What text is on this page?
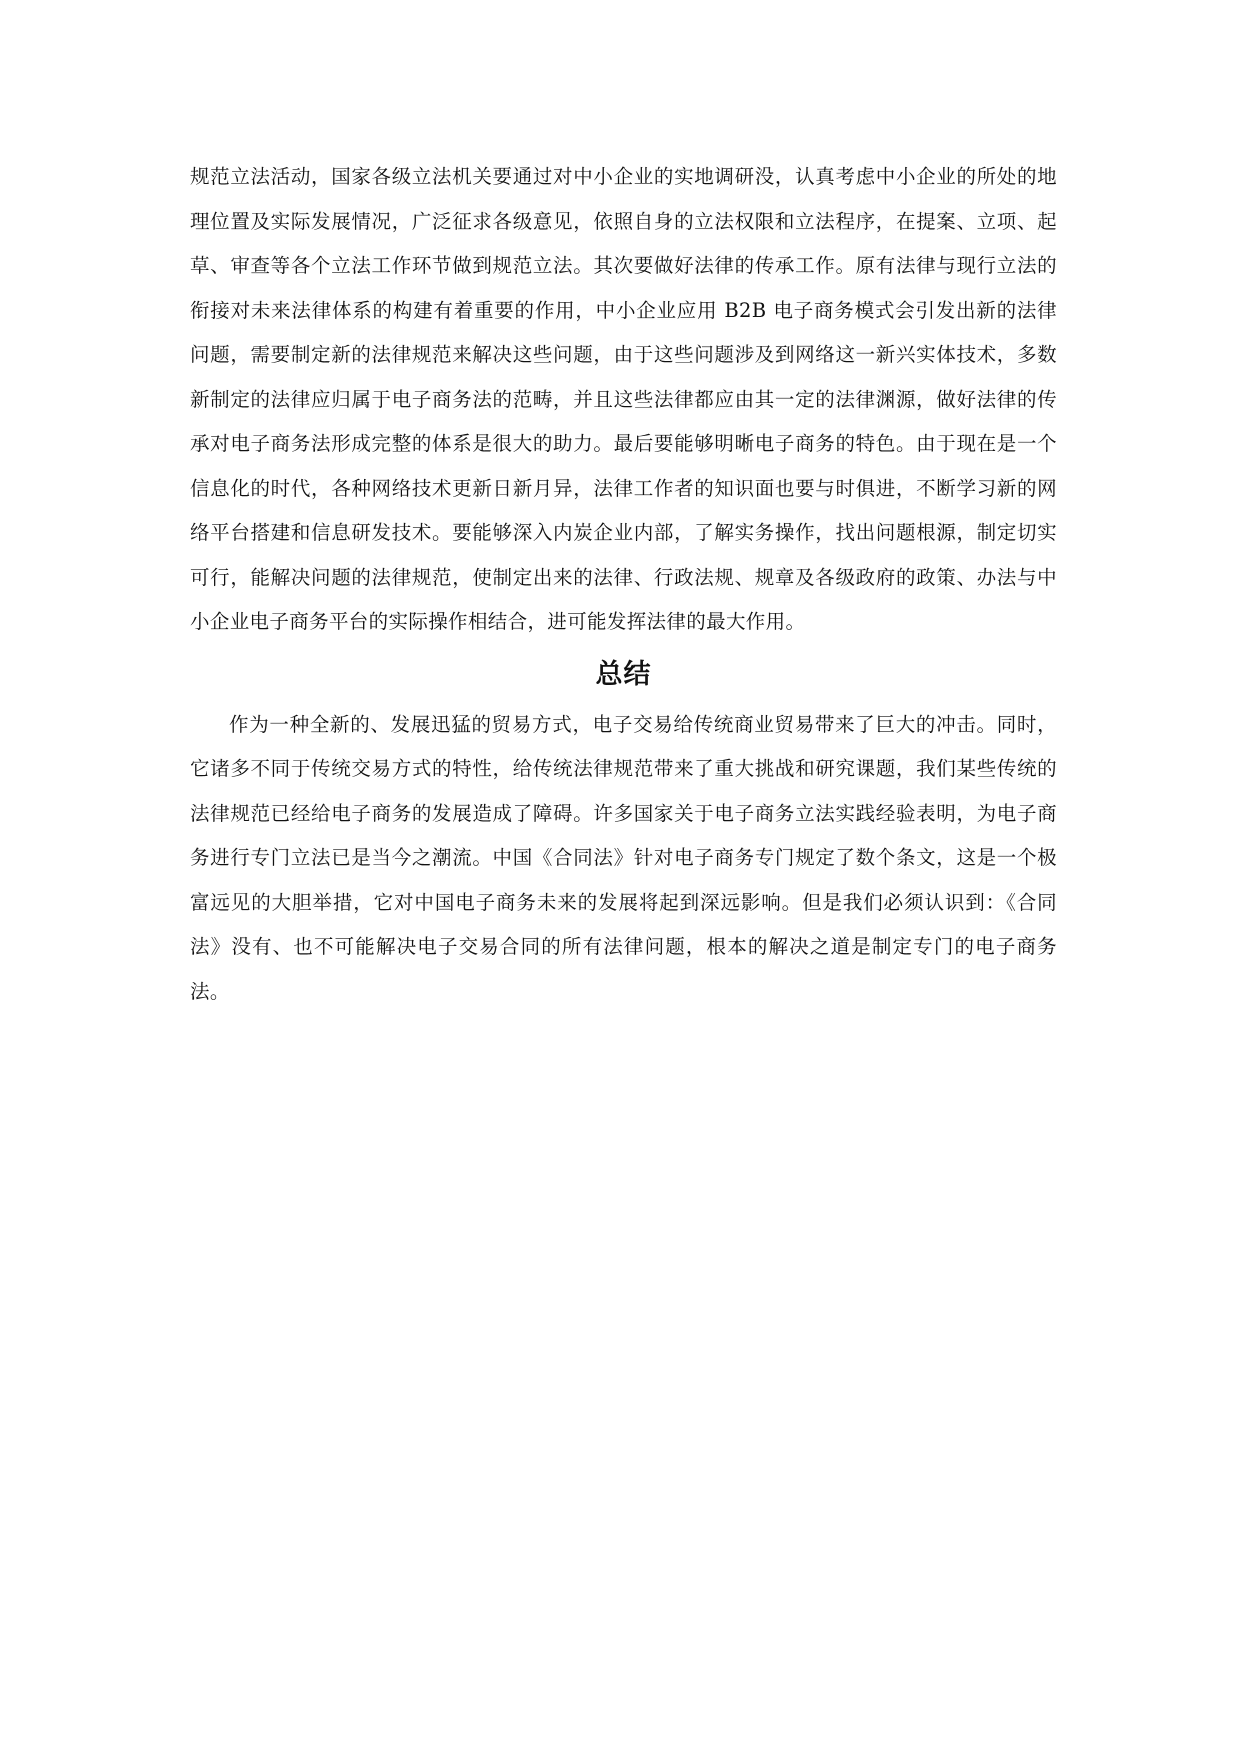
规范立法活动，国家各级立法机关要通过对中小企业的实地调研没，认真考虑中小企业的所处的地理位置及实际发展情况，广泛征求各级意见，依照自身的立法权限和立法程序，在提案、立项、起草、审查等各个立法工作环节做到规范立法。其次要做好法律的传承工作。原有法律与现行立法的衔接对未来法律体系的构建有着重要的作用，中小企业应用 B2B 电子商务模式会引发出新的法律问题，需要制定新的法律规范来解决这些问题，由于这些问题涉及到网络这一新兴实体技术，多数新制定的法律应归属于电子商务法的范畴，并且这些法律都应由其一定的法律渊源，做好法律的传承对电子商务法形成完整的体系是很大的助力。最后要能够明晰电子商务的特色。由于现在是一个信息化的时代，各种网络技术更新日新月异，法律工作者的知识面也要与时俱进，不断学习新的网络平台搭建和信息研发技术。要能够深入内炭企业内部，了解实务操作，找出问题根源，制定切实可行，能解决问题的法律规范，使制定出来的法律、行政法规、规章及各级政府的政策、办法与中小企业电子商务平台的实际操作相结合，进可能发挥法律的最大作用。

总结

作为一种全新的、发展迅猛的贸易方式，电子交易给传统商业贸易带来了巨大的冲击。同时，它诸多不同于传统交易方式的特性，给传统法律规范带来了重大挑战和研究课题，我们某些传统的法律规范已经给电子商务的发展造成了障碍。许多国家关于电子商务立法实践经验表明，为电子商务进行专门立法已是当今之潮流。中国《合同法》针对电子商务专门规定了数个条文，这是一个极富远见的大胆举措，它对中国电子商务未来的发展将起到深远影响。但是我们必须认识到：《合同法》没有、也不可能解决电子交易合同的所有法律问题，根本的解决之道是制定专门的电子商务法。
